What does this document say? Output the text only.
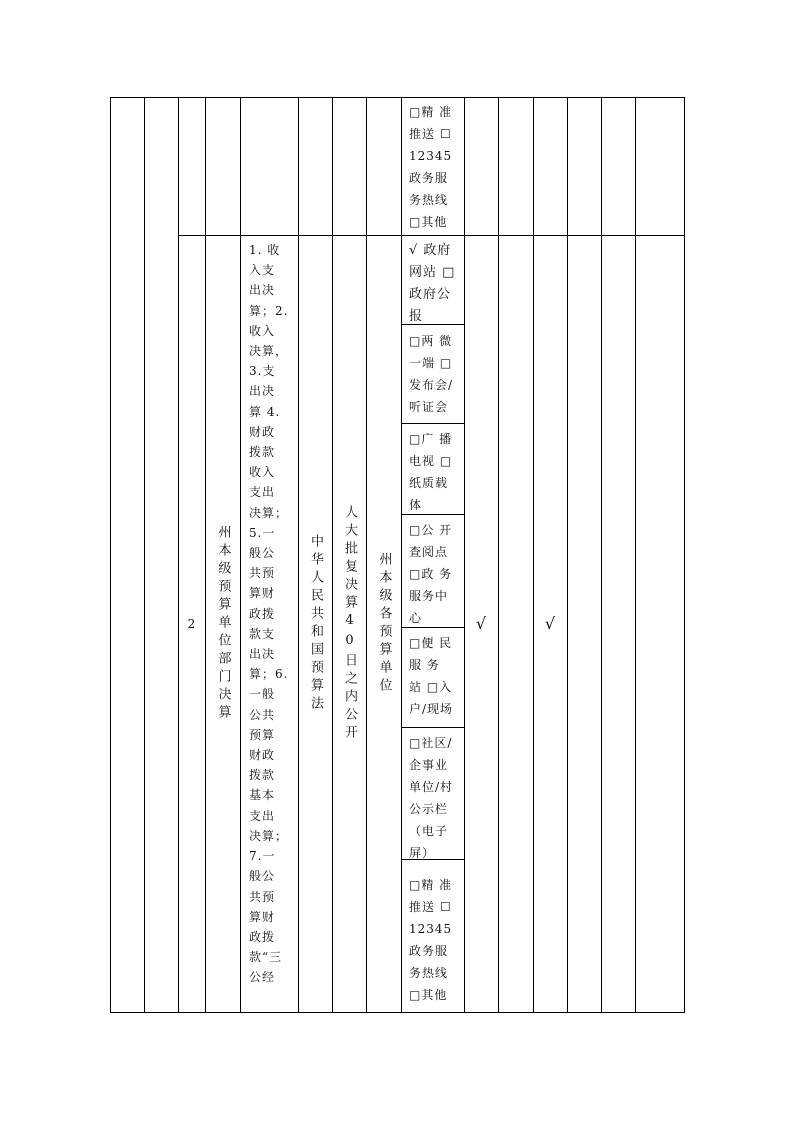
□精 准
推送 ☐
12345
政务服
务热线
□其他
2 州本级预算单位部门决算
1. 收
入支
出决
算；2.
收入
决算，
3.支
出决
算 4.
财政
拨款
收入
支出
决算；
5.一
般公
共预
算财
政拨
款支
出决
算；6.
一般
公共
预算
财政
拨款
基本
支出
决算；
7.一
般公
共预
算财
政拨
款“三
公经
中华人民共和国预算法 人大批复决算40日之内公开 州本级各预算单位
√ 政府
网站 □
政府公
报
□两 微
一端 □
发布会/
听证会
□广 播
电视 □
纸质载
体
□公 开
查阅点
□政 务
服务中
心
□便 民
服 务
站 □入
户/现场
□社区/
企事业
单位/村
公示栏
（电子
屏）
□精 准
推送 ☐
12345
政务服
务热线
□其他
√	√
